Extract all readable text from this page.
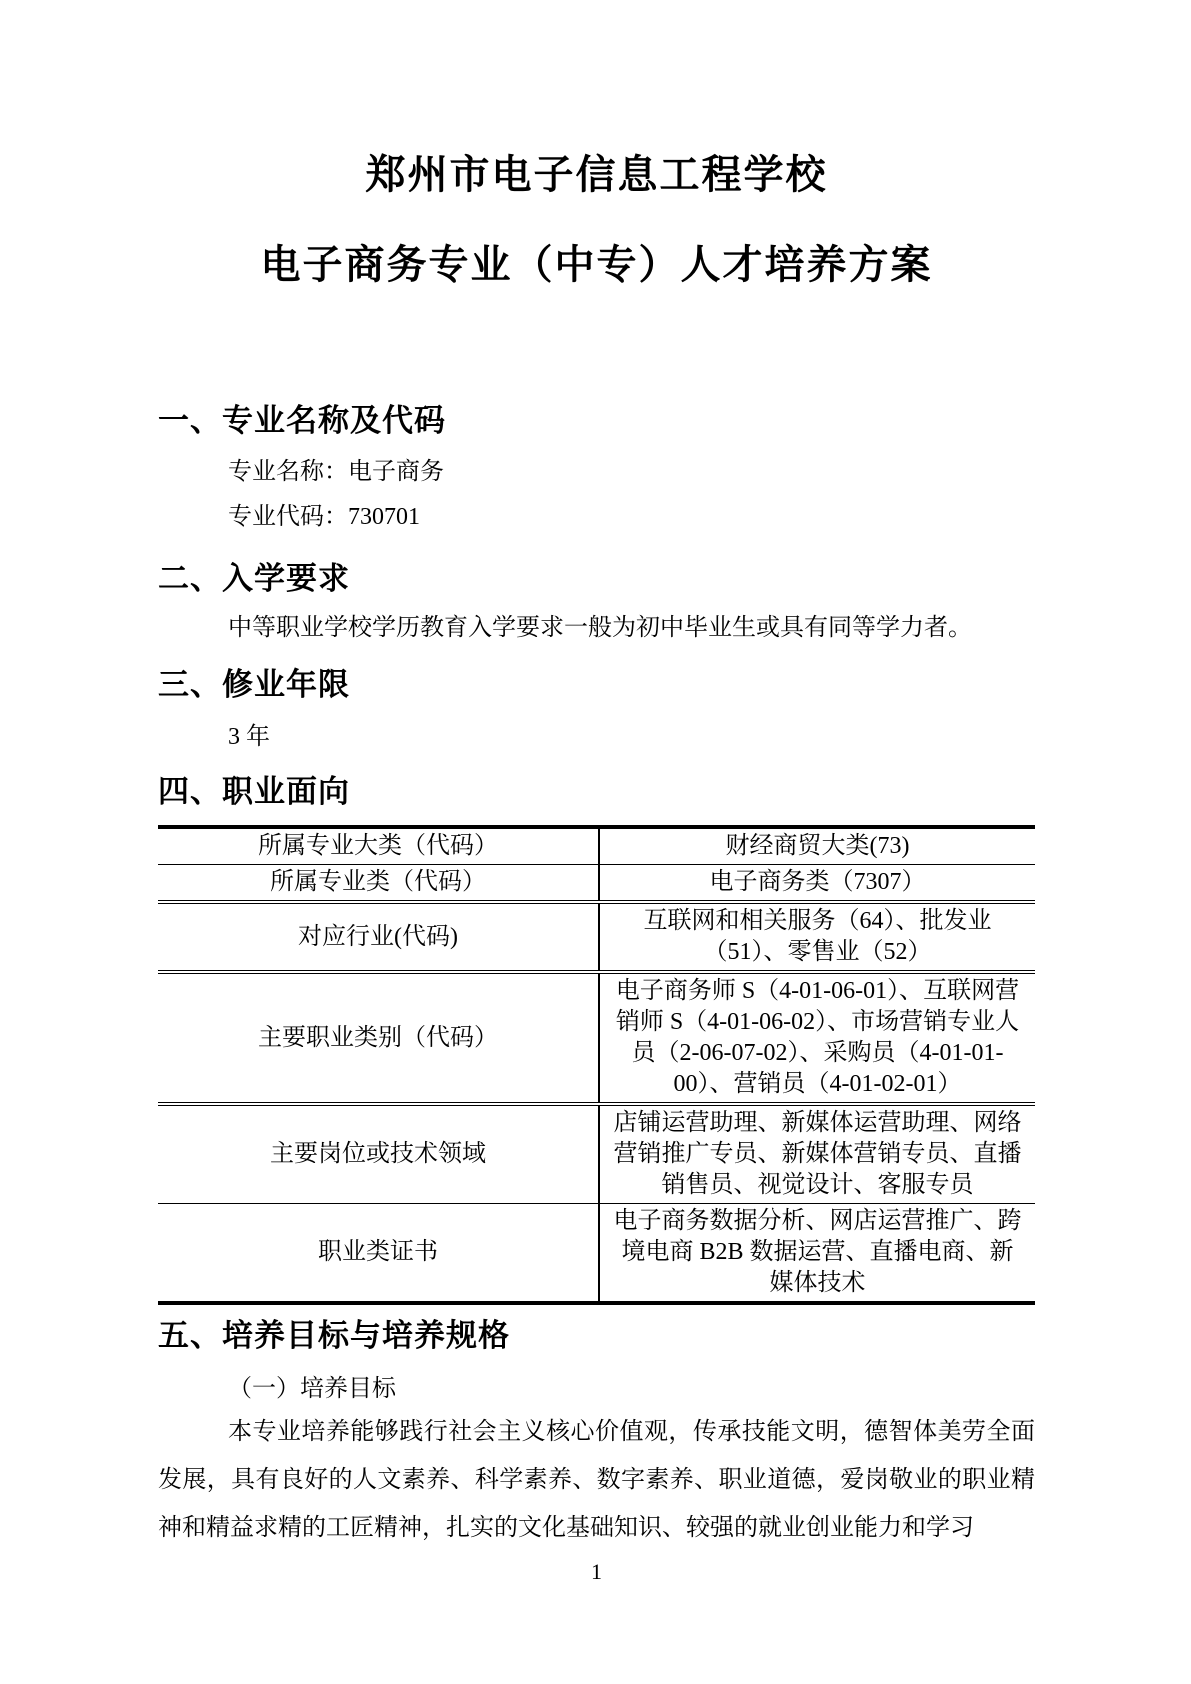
郑州市电子信息工程学校
电子商务专业（中专）人才培养方案
一、专业名称及代码
专业名称：电子商务
专业代码：730701
二、入学要求
中等职业学校学历教育入学要求一般为初中毕业生或具有同等学力者。
三、修业年限
3 年
四、职业面向
所属专业大类（代码）	财经商贸大类(73)
所属专业类（代码）	电子商务类（7307）
对应行业(代码)	互联网和相关服务（64）、批发业（51）、零售业（52）
主要职业类别（代码）	电子商务师 S（4-01-06-01）、互联网营销师 S（4-01-06-02）、市场营销专业人员（2-06-07-02）、采购员（4-01-01-00）、营销员（4-01-02-01）
主要岗位或技术领域	店铺运营助理、新媒体运营助理、网络营销推广专员、新媒体营销专员、直播销售员、视觉设计、客服专员
职业类证书	电子商务数据分析、网店运营推广、跨境电商 B2B 数据运营、直播电商、新媒体技术
五、培养目标与培养规格
（一）培养目标
本专业培养能够践行社会主义核心价值观，传承技能文明，德智体美劳全面发展，具有良好的人文素养、科学素养、数字素养、职业道德，爱岗敬业的职业精神和精益求精的工匠精神，扎实的文化基础知识、较强的就业创业能力和学习
1
